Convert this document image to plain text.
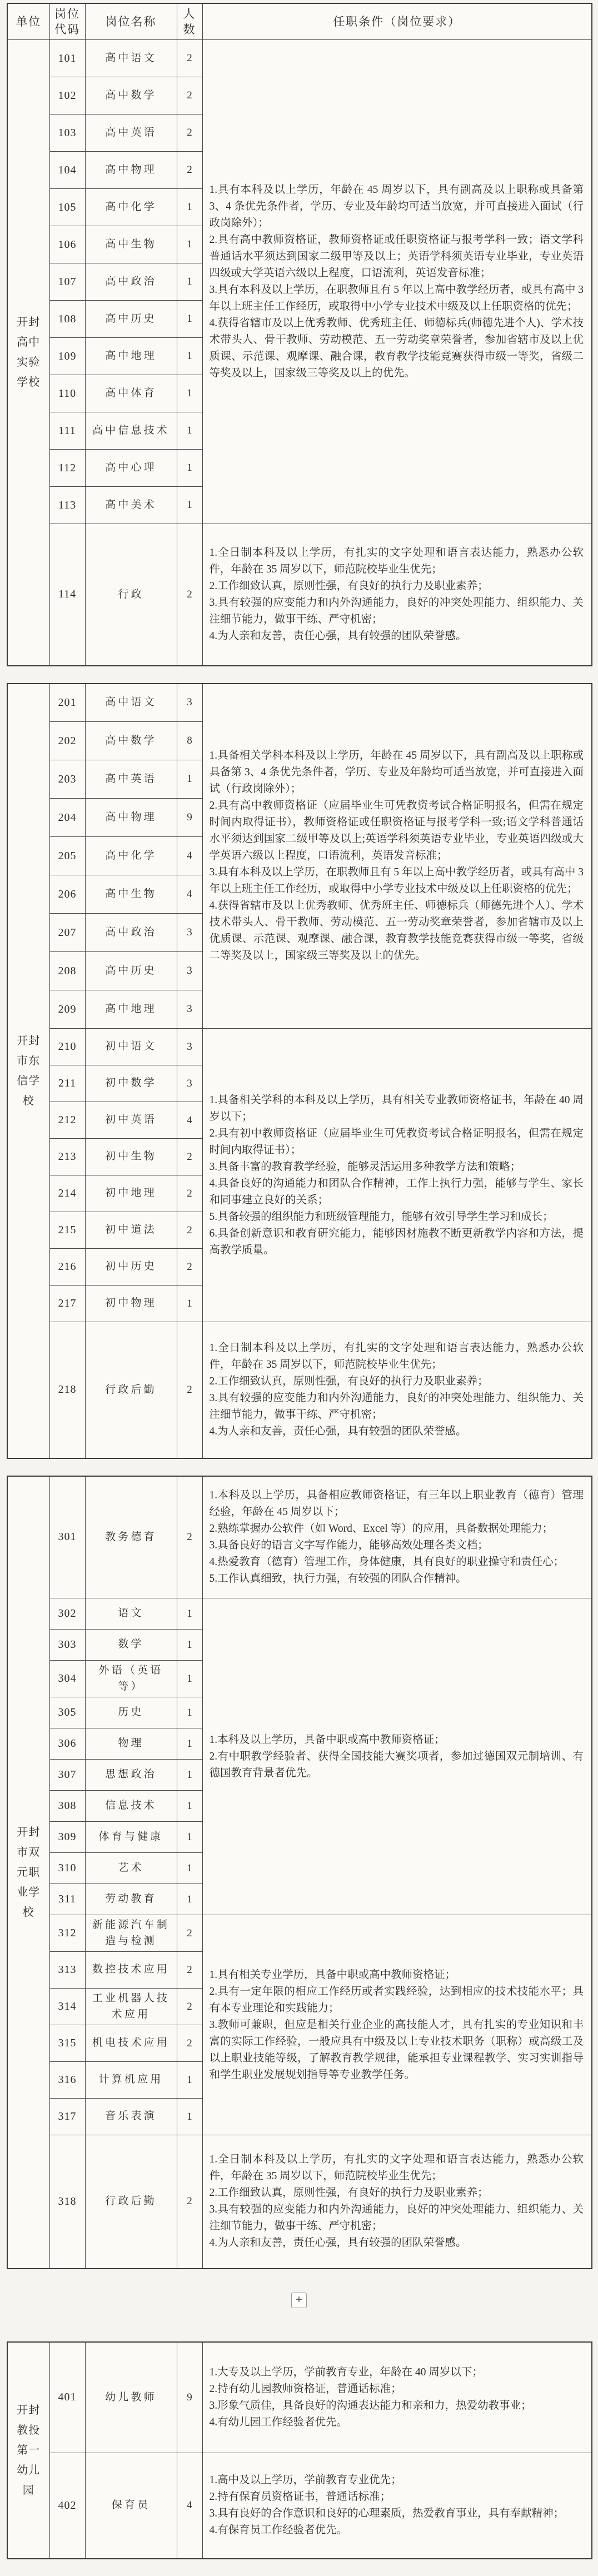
单位	岗位代码	岗位名称	人数	任职条件（岗位要求）
开封高中实验学校	101	高中语文	2	1.具有本科及以上学历，年龄在 45 周岁以下，具有副高及以上职称或具备第 3、4 条优先条件者，学历、专业及年龄均可适当放宽，并可直接进入面试（行政岗除外）；

2.具有高中教师资格证，教师资格证或任职资格证与报考学科一致；语文学科普通话水平须达到国家二级甲等及以上；英语学科须英语专业毕业，专业英语四级或大学英语六级以上程度，口语流利，英语发音标准；

3.具有本科及以上学历，在职教师且有 5 年以上高中教学经历者，或具有高中 3 年以上班主任工作经历，或取得中小学专业技术中级及以上任职资格的优先；

4.获得省辖市及以上优秀教师、优秀班主任、师德标兵(师德先进个人)、学术技术带头人、骨干教师、劳动模范、五一劳动奖章荣誉者，参加省辖市及以上优质课、示范课、观摩课、融合课，教育教学技能竞赛获得市级一等奖，省级二等奖及以上，国家级三等奖及以上的优先。

	102	高中数学	2	
	103	高中英语	2	
	104	高中物理	2	
	105	高中化学	1	
	106	高中生物	1	
	107	高中政治	1	
	108	高中历史	1	
	109	高中地理	1	
	110	高中体育	1	
	111	高中信息技术	1	
	112	高中心理	1	
	113	高中美术	1	
	114	行政	2	1.全日制本科及以上学历，有扎实的文字处理和语言表达能力，熟悉办公软件，年龄在 35 周岁以下，师范院校毕业生优先；

2.工作细致认真，原则性强，有良好的执行力及职业素养；

3.具有较强的应变能力和内外沟通能力，良好的冲突处理能力、组织能力、关注细节能力，做事干练、严守机密；

4.为人亲和友善，责任心强，具有较强的团队荣誉感。

开封市东信学校	201	高中语文	3	1.具备相关学科本科及以上学历，年龄在 45 周岁以下，具有副高及以上职称或具备第 3、4 条优先条件者，学历、专业及年龄均可适当放宽，并可直接进入面试（行政岗除外）；

2.具有高中教师资格证（应届毕业生可凭教资考试合格证明报名，但需在规定时间内取得证书），教师资格证或任职资格证与报考学科一致;语文学科普通话水平须达到国家二级甲等及以上;英语学科须英语专业毕业，专业英语四级或大学英语六级以上程度，口语流利，英语发音标准；

3.具有本科及以上学历，在职教师且有 5 年以上高中教学经历者，或具有高中 3 年以上班主任工作经历，或取得中小学专业技术中级及以上任职资格的优先；

4.获得省辖市及以上优秀教师、优秀班主任、师德标兵（师德先进个人）、学术技术带头人、骨干教师、劳动模范、五一劳动奖章荣誉者，参加省辖市及以上优质课、示范课、观摩课、融合课，教育教学技能竞赛获得市级一等奖，省级二等奖及以上，国家级三等奖及以上的优先。

	202	高中数学	8	
	203	高中英语	1	
	204	高中物理	9	
	205	高中化学	4	
	206	高中生物	4	
	207	高中政治	3	
	208	高中历史	3	
	209	高中地理	3	
210	初中语文	3	

1.具备相关学科的本科及以上学历，具有相关专业教师资格证书，年龄在 40 周岁以下；

2.具有初中教师资格证（应届毕业生可凭教资考试合格证明报名，但需在规定时间内取得证书）；

3.具备丰富的教育教学经验，能够灵活运用多种教学方法和策略；

4.具备良好的沟通能力和团队合作精神，工作上执行力强，能够与学生、家长和同事建立良好的关系；

5.具备较强的组织能力和班级管理能力，能够有效引导学生学习和成长；

6.具备创新意识和教育研究能力，能够因材施教不断更新教学内容和方法，提高教学质量。

	211	初中数学	3	
	212	初中英语	4	
	213	初中生物	2	
	214	初中地理	2	
	215	初中道法	2	
	216	初中历史	2	
	217	初中物理	1	
	218	行政后勤	2	1.全日制本科及以上学历，有扎实的文字处理和语言表达能力，熟悉办公软件，年龄在 35 周岁以下，师范院校毕业生优先；

2.工作细致认真，原则性强，有良好的执行力及职业素养；

3.具有较强的应变能力和内外沟通能力，良好的冲突处理能力、组织能力、关注细节能力，做事干练、严守机密；

4.为人亲和友善，责任心强，具有较强的团队荣誉感。

开封市双元职业学校	301	教务德育	2	1.本科及以上学历，具备相应教师资格证，有三年以上职业教育（德育）管理经验，年龄在 45 周岁以下；

2.熟练掌握办公软件（如 Word、Excel 等）的应用，具备数据处理能力；

3.具备良好的语言文字写作能力，能够高效处理各类文档；

4.热爱教育（德育）管理工作，身体健康，具有良好的职业操守和责任心；

5.工作认真细致，执行力强，有较强的团队合作精神。

	302	语文	1	1.本科及以上学历，具备中职或高中教师资格证；

2.有中职教学经验者、获得全国技能大赛奖项者，参加过德国双元制培训、有德国教育背景者优先。

	303	数学	1	
	304	外语（英语等）	1	
	305	历史	1	
	306	物理	1	
	307	思想政治	1	
	308	信息技术	1	
	309	体育与健康	1	
	310	艺术	1	
	311	劳动教育	1	
	312	新能源汽车制造与检测	2	1.具有相关专业学历，具备中职或高中教师资格证；

2.具有一定年限的相应工作经历或者实践经验，达到相应的技术技能水平；具有本专业理论和实践能力；

3.教师可兼职，但应是相关行业企业的高技能人才，具有扎实的专业知识和丰富的实际工作经验，一般应具有中级及以上专业技术职务（职称）或高级工及以上职业技能等级，了解教育教学规律，能承担专业课程教学、实习实训指导和学生职业发展规划指导等专业教学任务。

	313	数控技术应用	2	
	314	工业机器人技术应用	2	
	315	机电技术应用	2	
	316	计算机应用	1	
	317	音乐表演	1	
	318	行政后勤	2	1.全日制本科及以上学历，有扎实的文字处理和语言表达能力，熟悉办公软件，年龄在 35 周岁以下，师范院校毕业生优先；

2.工作细致认真，原则性强，有良好的执行力及职业素养；

3.具有较强的应变能力和内外沟通能力，良好的冲突处理能力、组织能力、关注细节能力，做事干练、严守机密；

4.为人亲和友善，责任心强，具有较强的团队荣誉感。

+
开封教投第一幼儿园	401	幼儿教师	9	1.大专及以上学历，学前教育专业，年龄在 40 周岁以下；

2.持有幼儿园教师资格证，普通话标准；

3.形象气质佳，具备良好的沟通表达能力和亲和力，热爱幼教事业；

4.有幼儿园工作经验者优先。

	402	保育员	4	1.高中及以上学历，学前教育专业优先；

2.持有保育员资格证书，普通话标准；

3.具有良好的合作意识和良好的心理素质，热爱教育事业，具有奉献精神；

4.有保育员工作经验者优先。
